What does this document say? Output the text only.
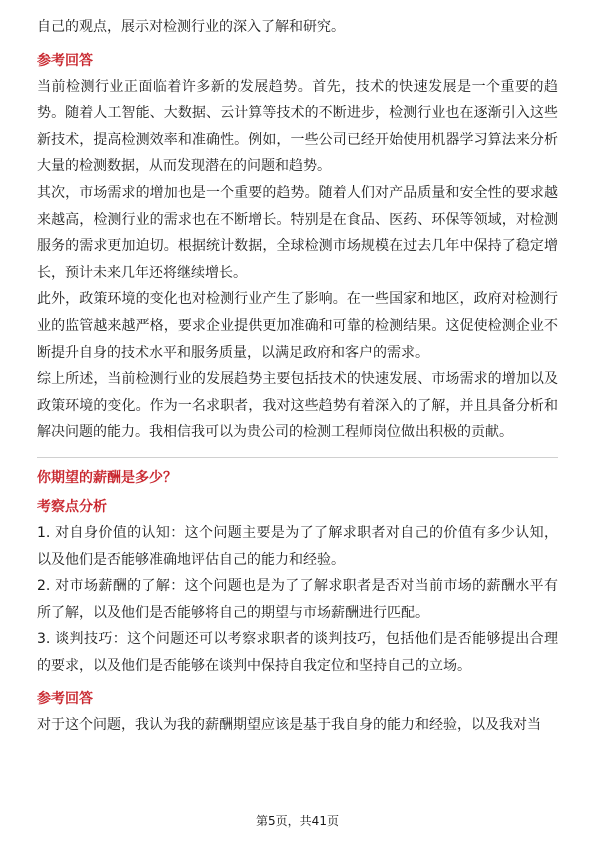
自己的观点，展示对检测行业的深入了解和研究。

参考回答

当前检测行业正面临着许多新的发展趋势。首先，技术的快速发展是一个重要的趋势。随着人工智能、大数据、云计算等技术的不断进步，检测行业也在逐渐引入这些新技术，提高检测效率和准确性。例如，一些公司已经开始使用机器学习算法来分析大量的检测数据，从而发现潜在的问题和趋势。

其次，市场需求的增加也是一个重要的趋势。随着人们对产品质量和安全性的要求越来越高，检测行业的需求也在不断增长。特别是在食品、医药、环保等领域，对检测服务的需求更加迫切。根据统计数据，全球检测市场规模在过去几年中保持了稳定增长，预计未来几年还将继续增长。

此外，政策环境的变化也对检测行业产生了影响。在一些国家和地区，政府对检测行业的监管越来越严格，要求企业提供更加准确和可靠的检测结果。这促使检测企业不断提升自身的技术水平和服务质量，以满足政府和客户的需求。

综上所述，当前检测行业的发展趋势主要包括技术的快速发展、市场需求的增加以及政策环境的变化。作为一名求职者，我对这些趋势有着深入的了解，并且具备分析和解决问题的能力。我相信我可以为贵公司的检测工程师岗位做出积极的贡献。

你期望的薪酬是多少？

考察点分析

1. 对自身价值的认知：这个问题主要是为了了解求职者对自己的价值有多少认知，以及他们是否能够准确地评估自己的能力和经验。

2. 对市场薪酬的了解：这个问题也是为了了解求职者是否对当前市场的薪酬水平有所了解，以及他们是否能够将自己的期望与市场薪酬进行匹配。

3. 谈判技巧：这个问题还可以考察求职者的谈判技巧，包括他们是否能够提出合理的要求，以及他们是否能够在谈判中保持自我定位和坚持自己的立场。

参考回答

对于这个问题，我认为我的薪酬期望应该是基于我自身的能力和经验，以及我对当

第5页，共41页
